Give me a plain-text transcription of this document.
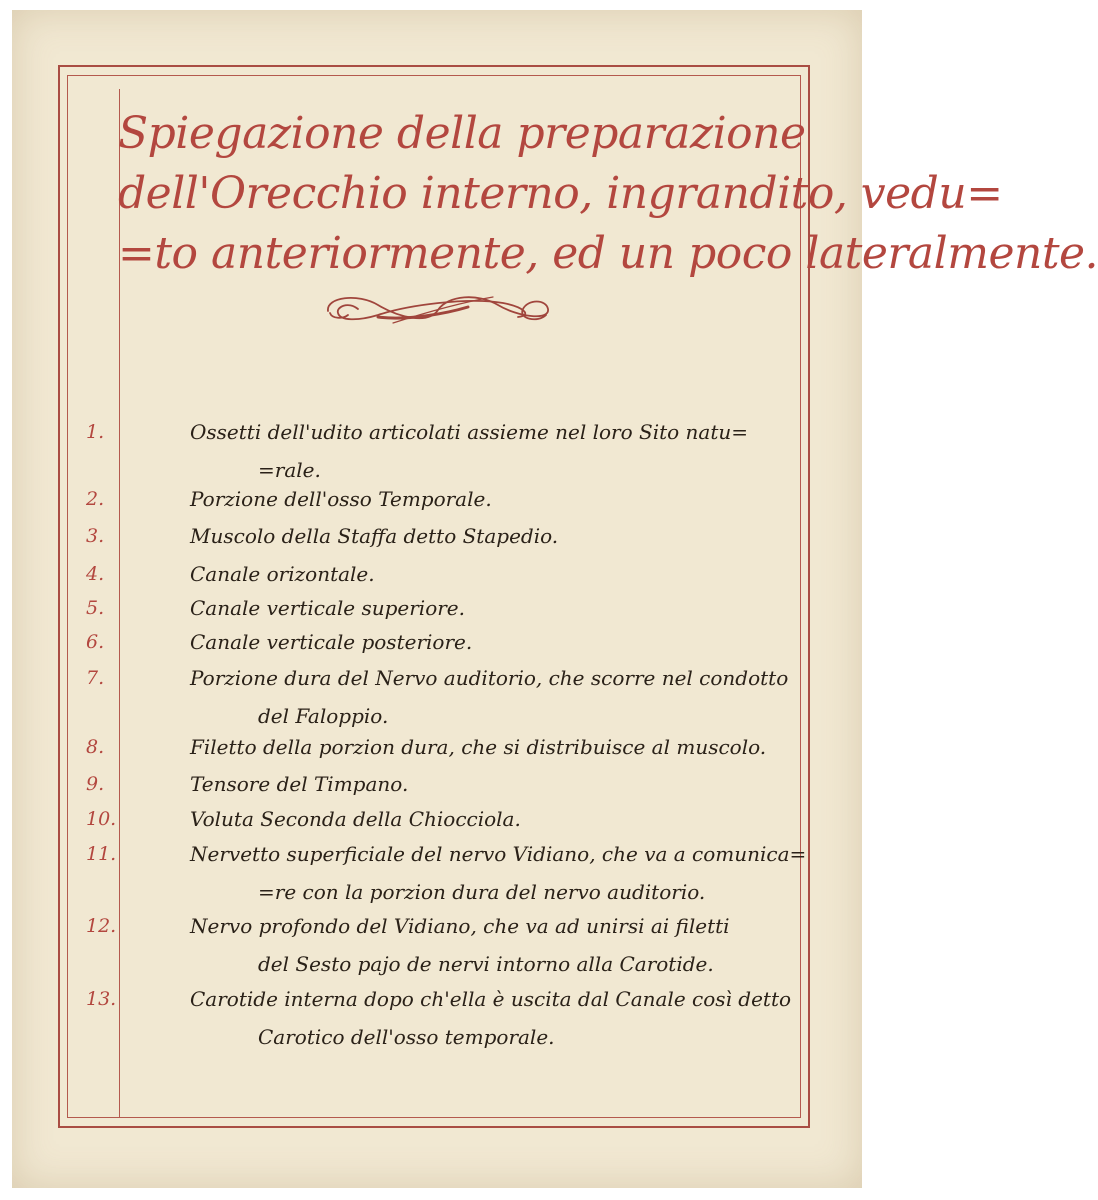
Spiegazione della preparazione
dell'Orecchio interno, ingrandito, vedu=
=to anteriormente, ed un poco lateralmente.
1.	Ossetti dell'udito articolati assieme nel loro Sito natu=
=rale.
2.	Porzione dell'osso Temporale.
3.	Muscolo della Staffa detto Stapedio.
4.	Canale orizontale.
5.	Canale verticale superiore.
6.	Canale verticale posteriore.
7.	Porzione dura del Nervo auditorio, che scorre nel condotto
del Faloppio.
8.	Filetto della porzion dura, che si distribuisce al muscolo.
9.	Tensore del Timpano.
10.	Voluta Seconda della Chiocciola.
11.	Nervetto superficiale del nervo Vidiano, che va a comunica=
=re con la porzion dura del nervo auditorio.
12.	Nervo profondo del Vidiano, che va ad unirsi ai filetti
del Sesto pajo de nervi intorno alla Carotide.
13.	Carotide interna dopo ch'ella è uscita dal Canale così detto
Carotico dell'osso temporale.
